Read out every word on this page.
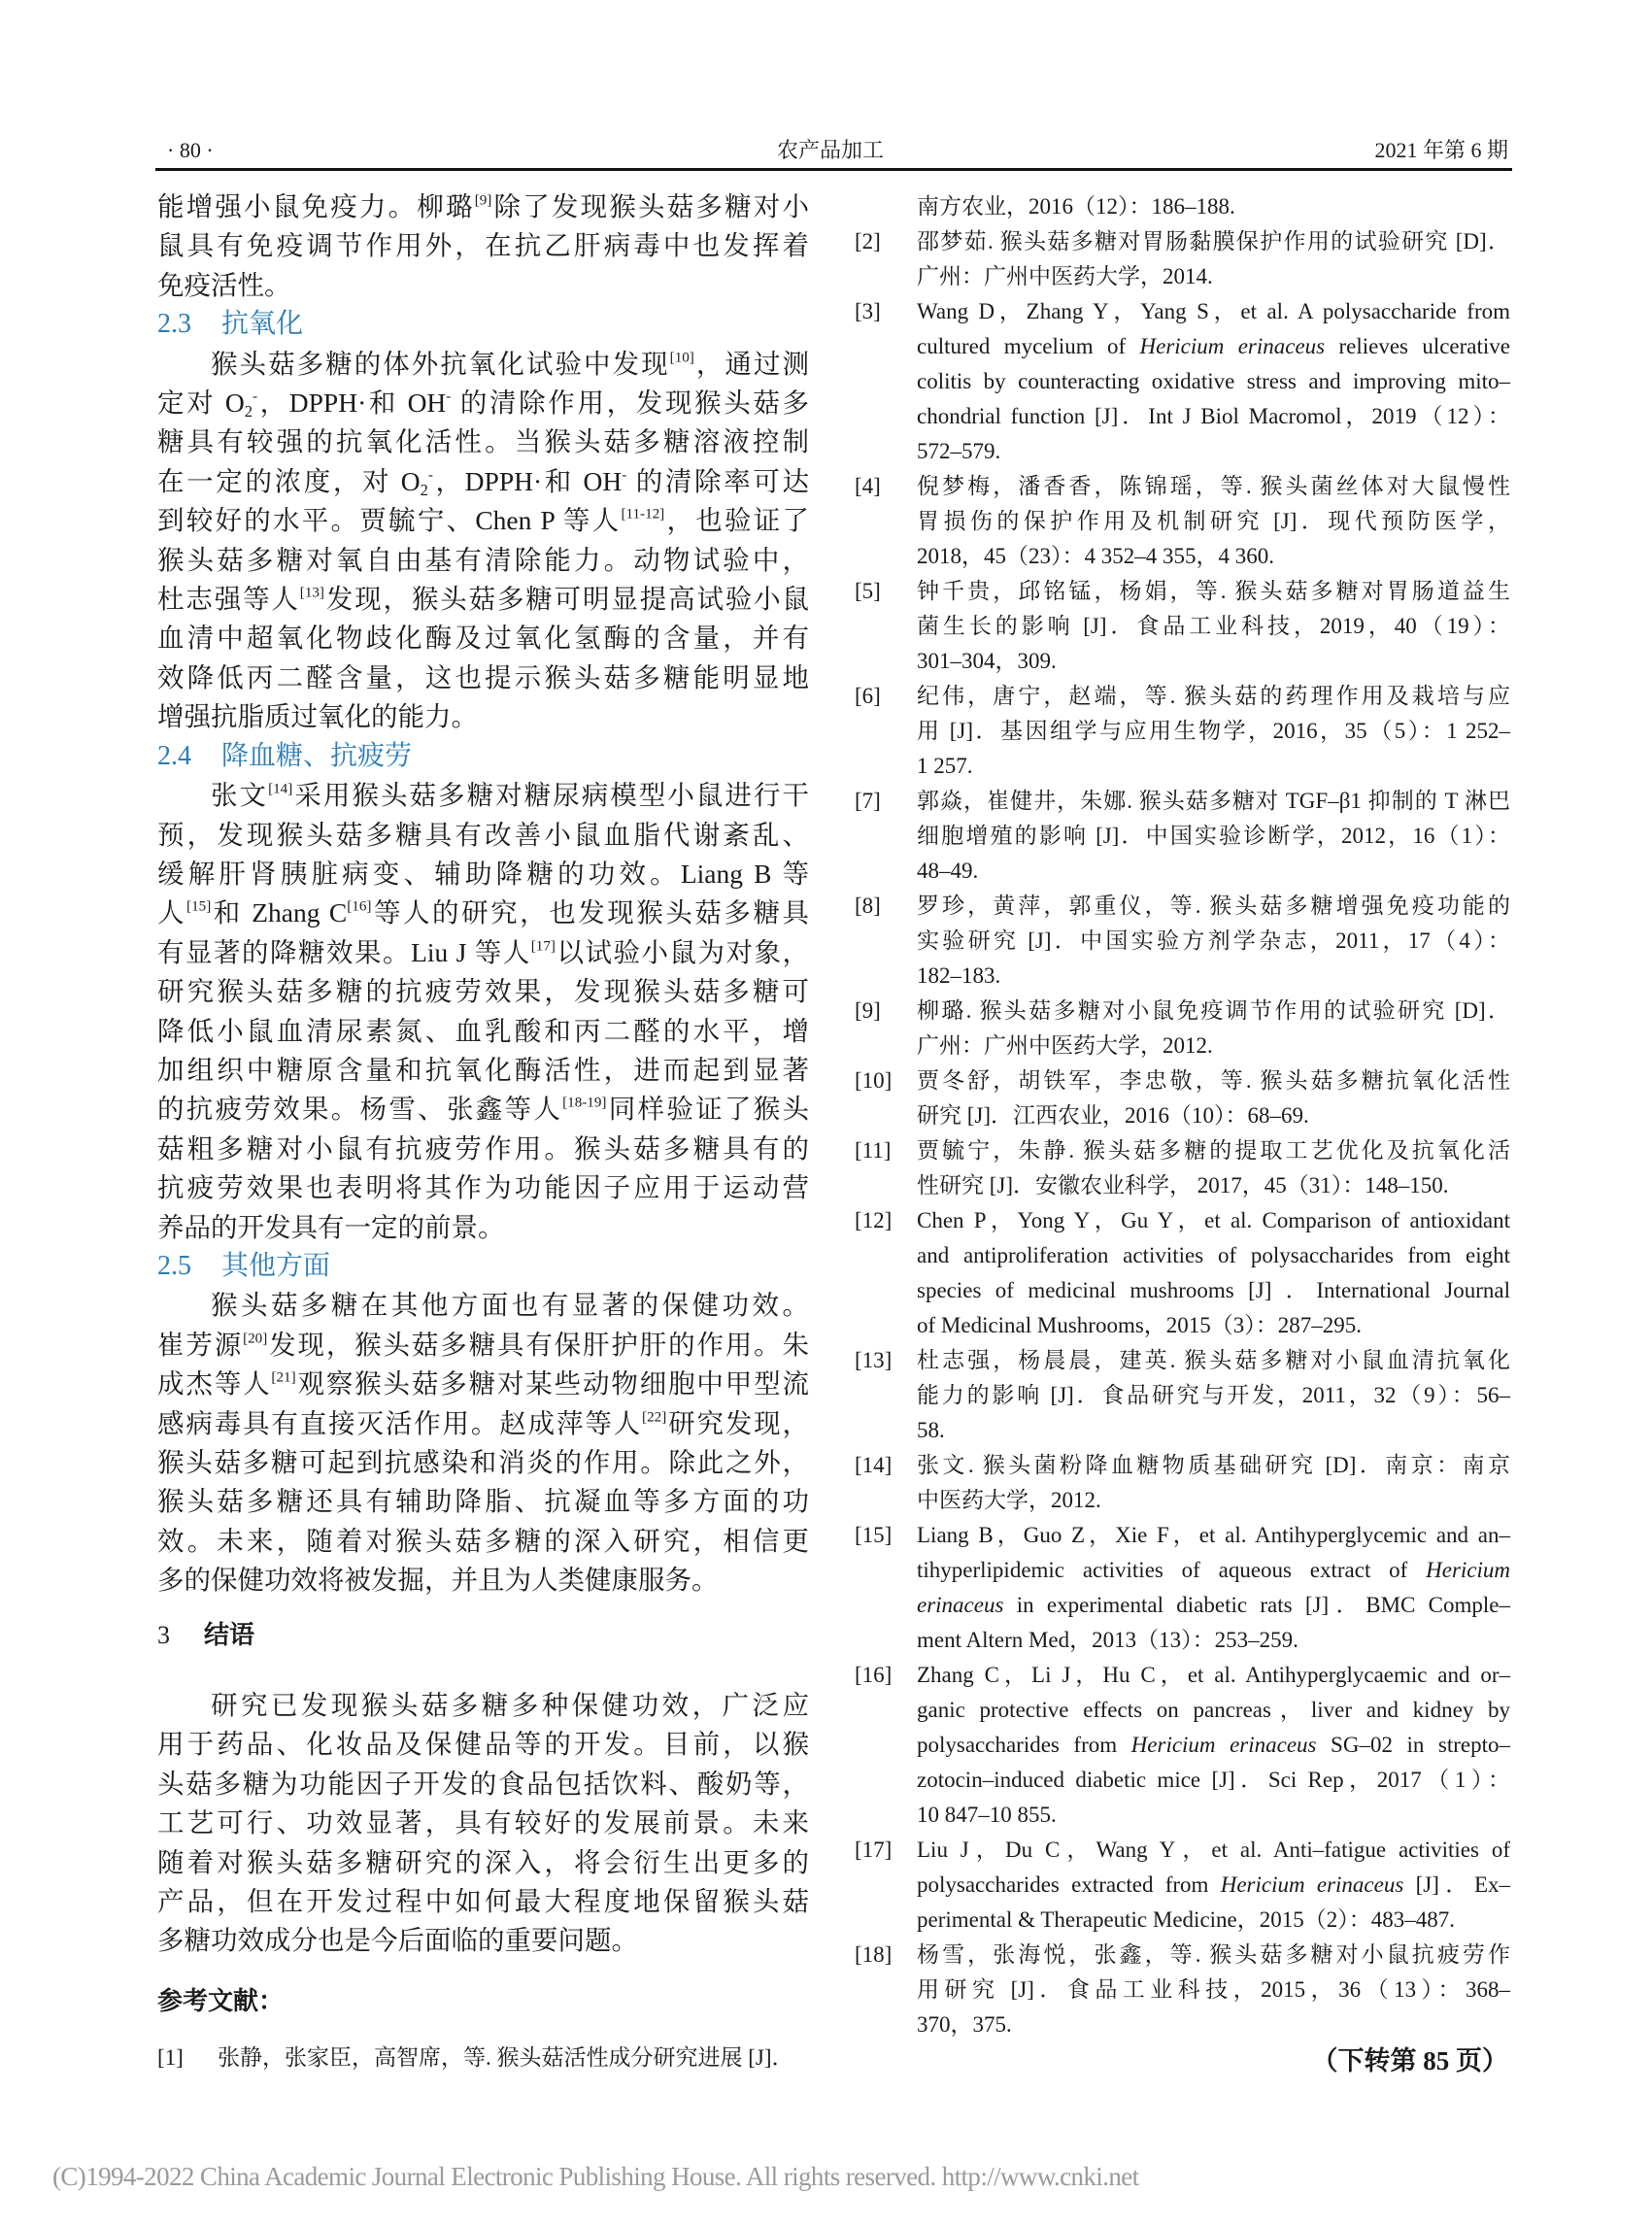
· 80 ·	农产品加工	2021 年第 6 期
能增强小鼠免疫力。柳璐[9]除了发现猴头菇多糖对小
鼠具有免疫调节作用外，在抗乙肝病毒中也发挥着
免疫活性。
2.3 抗氧化
猴头菇多糖的体外抗氧化试验中发现[10]，通过测
定对 $O_2^-$，DPPH·和 OH- 的清除作用，发现猴头菇多
糖具有较强的抗氧化活性。当猴头菇多糖溶液控制
在一定的浓度，对 $O_2^-$，DPPH·和 OH- 的清除率可达
到较好的水平。贾毓宁、Chen P 等人[11-12]，也验证了
猴头菇多糖对氧自由基有清除能力。动物试验中，
杜志强等人[13]发现，猴头菇多糖可明显提高试验小鼠
血清中超氧化物歧化酶及过氧化氢酶的含量，并有
效降低丙二醛含量，这也提示猴头菇多糖能明显地
增强抗脂质过氧化的能力。
2.4 降血糖、抗疲劳
张文[14]采用猴头菇多糖对糖尿病模型小鼠进行干
预，发现猴头菇多糖具有改善小鼠血脂代谢紊乱、
缓解肝肾胰脏病变、辅助降糖的功效。Liang B 等
人[15]和 Zhang C[16]等人的研究，也发现猴头菇多糖具
有显著的降糖效果。Liu J 等人[17]以试验小鼠为对象，
研究猴头菇多糖的抗疲劳效果，发现猴头菇多糖可
降低小鼠血清尿素氮、血乳酸和丙二醛的水平，增
加组织中糖原含量和抗氧化酶活性，进而起到显著
的抗疲劳效果。杨雪、张鑫等人[18-19]同样验证了猴头
菇粗多糖对小鼠有抗疲劳作用。猴头菇多糖具有的
抗疲劳效果也表明将其作为功能因子应用于运动营
养品的开发具有一定的前景。
2.5 其他方面
猴头菇多糖在其他方面也有显著的保健功效。
崔芳源[20]发现，猴头菇多糖具有保肝护肝的作用。朱
成杰等人[21]观察猴头菇多糖对某些动物细胞中甲型流
感病毒具有直接灭活作用。赵成萍等人[22]研究发现，
猴头菇多糖可起到抗感染和消炎的作用。除此之外，
猴头菇多糖还具有辅助降脂、抗凝血等多方面的功
效。未来，随着对猴头菇多糖的深入研究，相信更
多的保健功效将被发掘，并且为人类健康服务。
3 结语
研究已发现猴头菇多糖多种保健功效，广泛应
用于药品、化妆品及保健品等的开发。目前，以猴
头菇多糖为功能因子开发的食品包括饮料、酸奶等，
工艺可行、功效显著，具有较好的发展前景。未来
随着对猴头菇多糖研究的深入，将会衍生出更多的
产品，但在开发过程中如何最大程度地保留猴头菇
多糖功效成分也是今后面临的重要问题。
参考文献：
[1]	张静，张家臣，高智席，等. 猴头菇活性成分研究进展 [J]．
南方农业，2016（12）：186–188.
[2]	邵梦茹. 猴头菇多糖对胃肠黏膜保护作用的试验研究 [D]．
广州：广州中医药大学，2014.
[3]	Wang D，Zhang Y，Yang S，et al. A polysaccharide from
cultured mycelium of Hericium erinaceus relieves ulcerative
colitis by counteracting oxidative stress and improving mito–
chondrial function [J]．Int J Biol Macromol，2019（12）：
572–579.
[4]	倪梦梅，潘香香，陈锦瑶，等. 猴头菌丝体对大鼠慢性
胃损伤的保护作用及机制研究 [J]．现代预防医学，
2018，45（23）：4 352–4 355，4 360.
[5]	钟千贵，邱铭锰，杨娟，等. 猴头菇多糖对胃肠道益生
菌生长的影响 [J]．食品工业科技，2019，40（19）：
301–304，309.
[6]	纪伟，唐宁，赵端，等. 猴头菇的药理作用及栽培与应
用 [J]．基因组学与应用生物学，2016，35（5）：1 252–
1 257.
[7]	郭焱，崔健井，朱娜. 猴头菇多糖对 TGF–β1 抑制的 T 淋巴
细胞增殖的影响 [J]．中国实验诊断学，2012，16（1）：
48–49.
[8]	罗珍，黄萍，郭重仪，等. 猴头菇多糖增强免疫功能的
实验研究 [J]．中国实验方剂学杂志，2011，17（4）：
182–183.
[9]	柳璐. 猴头菇多糖对小鼠免疫调节作用的试验研究 [D]．
广州：广州中医药大学，2012.
[10]	贾冬舒，胡铁军，李忠敬，等. 猴头菇多糖抗氧化活性
研究 [J]．江西农业，2016（10）：68–69.
[11]	贾毓宁，朱静. 猴头菇多糖的提取工艺优化及抗氧化活
性研究 [J]．安徽农业科学， 2017，45（31）：148–150.
[12]	Chen P，Yong Y，Gu Y，et al. Comparison of antioxidant
and antiproliferation activities of polysaccharides from eight
species of medicinal mushrooms [J] ．International Journal
of Medicinal Mushrooms，2015（3）：287–295.
[13]	杜志强，杨晨晨，建英. 猴头菇多糖对小鼠血清抗氧化
能力的影响 [J]．食品研究与开发，2011，32（9）：56–
58.
[14]	张文. 猴头菌粉降血糖物质基础研究 [D]．南京：南京
中医药大学，2012.
[15]	Liang B，Guo Z，Xie F，et al. Antihyperglycemic and an–
tihyperlipidemic activities of aqueous extract of Hericium
erinaceus in experimental diabetic rats [J]．BMC Comple–
ment Altern Med，2013（13）：253–259.
[16]	Zhang C，Li J，Hu C，et al. Antihyperglycaemic and or–
ganic protective effects on pancreas，liver and kidney by
polysaccharides from Hericium erinaceus SG–02 in strepto–
zotocin–induced diabetic mice [J]．Sci Rep，2017（1）：
10 847–10 855.
[17]	Liu J，Du C，Wang Y，et al. Anti–fatigue activities of
polysaccharides extracted from Hericium erinaceus [J]．Ex–
perimental & Therapeutic Medicine，2015（2）：483–487.
[18]	杨雪，张海悦，张鑫，等. 猴头菇多糖对小鼠抗疲劳作
用研究 [J]．食品工业科技，2015，36（13）：368–
370，375.
（下转第 85 页）
(C)1994-2022 China Academic Journal Electronic Publishing House. All rights reserved. http://www.cnki.net
